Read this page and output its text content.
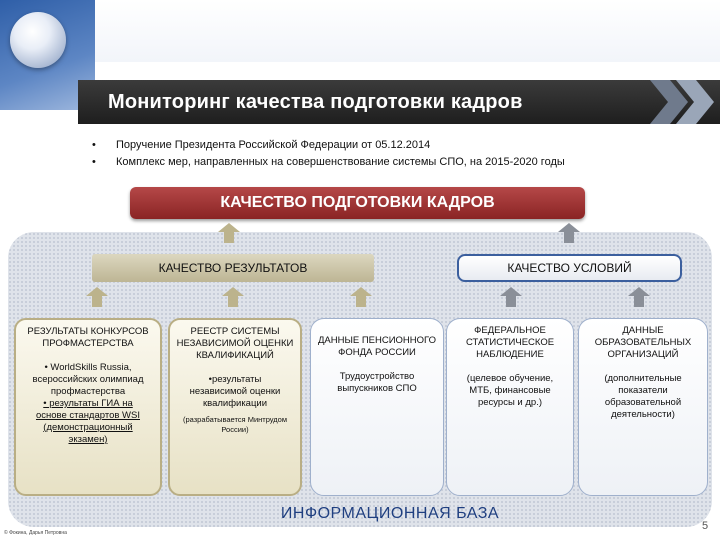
Мониторинг качества подготовки кадров
• Поручение Президента Российской Федерации от 05.12.2014
• Комплекс мер, направленных на совершенствование системы СПО, на 2015-2020 годы
КАЧЕСТВО ПОДГОТОВКИ КАДРОВ
КАЧЕСТВО РЕЗУЛЬТАТОВ	КАЧЕСТВО УСЛОВИЙ
РЕЗУЛЬТАТЫ КОНКУРСОВ ПРОФМАСТЕРСТВА
• WorldSkills Russia,
всероссийских олимпиад
профмастерства
• результаты ГИА на
основе стандартов WSI
(демонстрационный
экзамен)
РЕЕСТР СИСТЕМЫ НЕЗАВИСИМОЙ ОЦЕНКИ КВАЛИФИКАЦИЙ
•результаты независимой оценки квалификации
(разрабатывается Минтрудом России)
ДАННЫЕ ПЕНСИОННОГО ФОНДА РОССИИ
Трудоустройство выпускников СПО
ФЕДЕРАЛЬНОЕ СТАТИСТИЧЕСКОЕ НАБЛЮДЕНИЕ
(целевое обучение, МТБ, финансовые ресурсы и др.)
ДАННЫЕ ОБРАЗОВАТЕЛЬНЫХ ОРГАНИЗАЦИЙ
(дополнительные показатели образовательной деятельности)
ИНФОРМАЦИОННАЯ БАЗА
5
© Фокина, Дарья Петровна
